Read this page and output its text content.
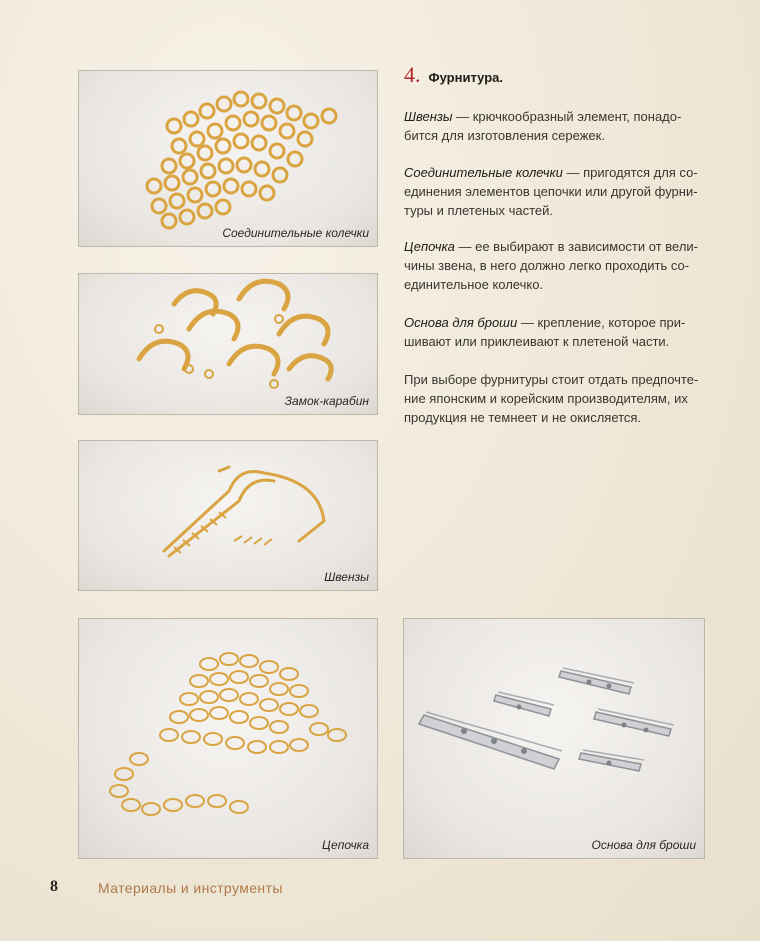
Соединительные колечки
Замок-карабин
Швензы
Цепочка	Основа для броши
4. Фурнитура.
Швензы — крючкообразный элемент, понадо-бится для изготовления сережек.
Соединительные колечки — пригодятся для со-единения элементов цепочки или другой фурни-туры и плетеных частей.
Цепочка — ее выбирают в зависимости от вели-чины звена, в него должно легко проходить со-единительное колечко.
Основа для броши — крепление, которое при-шивают или приклеивают к плетеной части.
При выборе фурнитуры стоит отдать предпочте-ние японским и корейским производителям, их продукция не темнеет и не окисляется.
8	Материалы и инструменты
